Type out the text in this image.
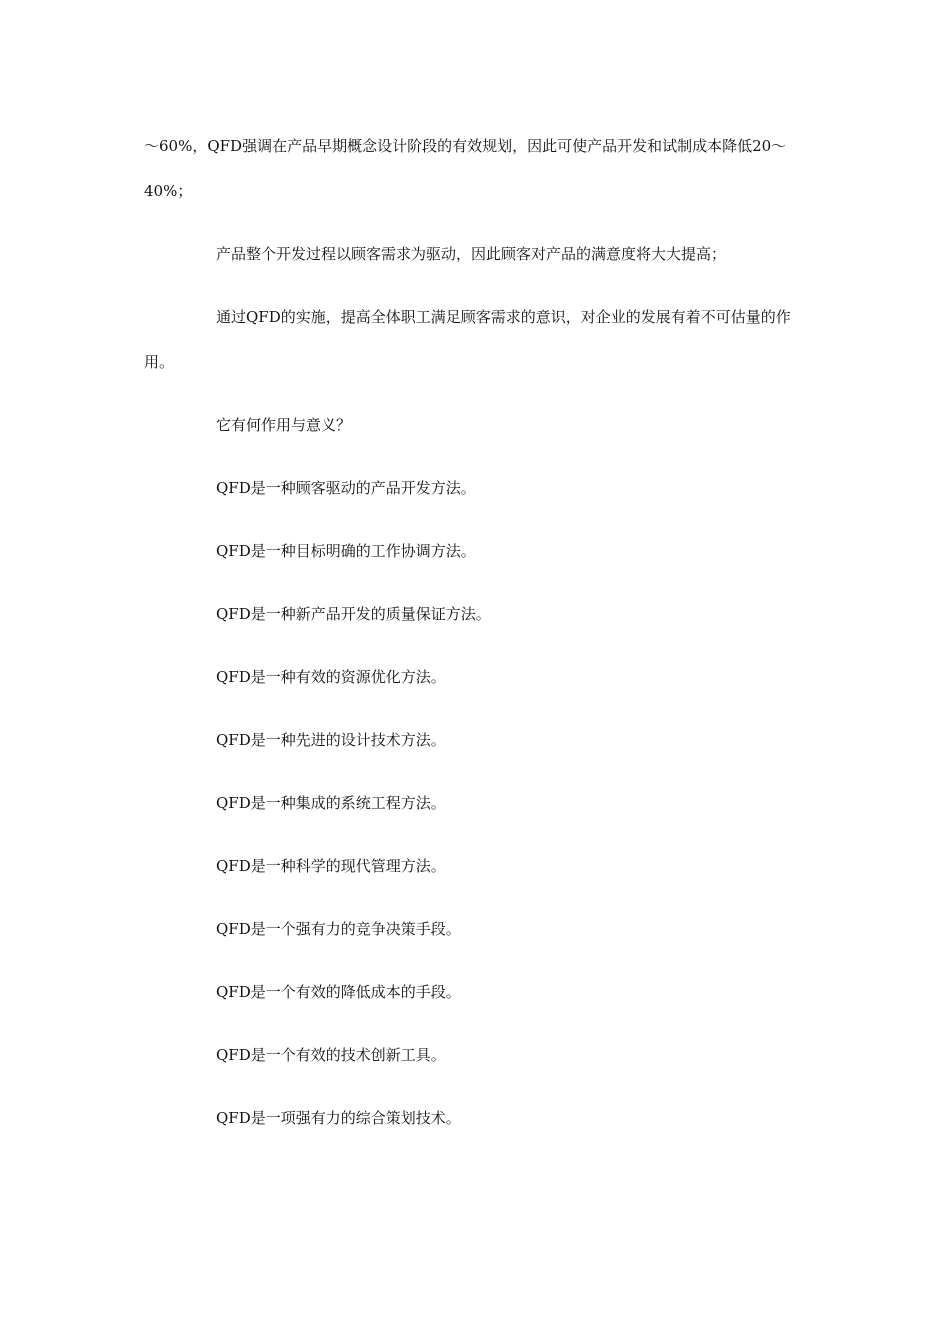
～60%，QFD强调在产品早期概念设计阶段的有效规划，因此可使产品开发和试制成本降低20～40%；

产品整个开发过程以顾客需求为驱动，因此顾客对产品的满意度将大大提高；

通过QFD的实施，提高全体职工满足顾客需求的意识，对企业的发展有着不可估量的作用。

它有何作用与意义？

QFD是一种顾客驱动的产品开发方法。

QFD是一种目标明确的工作协调方法。

QFD是一种新产品开发的质量保证方法。

QFD是一种有效的资源优化方法。

QFD是一种先进的设计技术方法。

QFD是一种集成的系统工程方法。

QFD是一种科学的现代管理方法。

QFD是一个强有力的竞争决策手段。

QFD是一个有效的降低成本的手段。

QFD是一个有效的技术创新工具。

QFD是一项强有力的综合策划技术。
